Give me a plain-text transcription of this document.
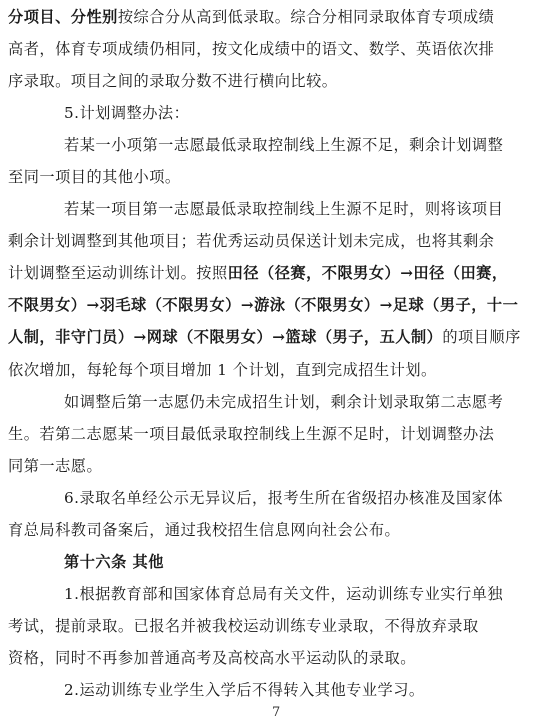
分项目、分性别按综合分从高到低录取。综合分相同录取体育专项成绩
高者，体育专项成绩仍相同，按文化成绩中的语文、数学、英语依次排
序录取。项目之间的录取分数不进行横向比较。
5.计划调整办法：
若某一小项第一志愿最低录取控制线上生源不足，剩余计划调整
至同一项目的其他小项。
若某一项目第一志愿最低录取控制线上生源不足时，则将该项目
剩余计划调整到其他项目；若优秀运动员保送计划未完成，也将其剩余
计划调整至运动训练计划。按照田径（径赛，不限男女）→田径（田赛，
不限男女）→羽毛球（不限男女）→游泳（不限男女）→足球（男子，十一
人制，非守门员）→网球（不限男女）→篮球（男子，五人制）的项目顺序
依次增加，每轮每个项目增加 1 个计划，直到完成招生计划。
如调整后第一志愿仍未完成招生计划，剩余计划录取第二志愿考
生。若第二志愿某一项目最低录取控制线上生源不足时，计划调整办法
同第一志愿。
6.录取名单经公示无异议后，报考生所在省级招办核准及国家体
育总局科教司备案后，通过我校招生信息网向社会公布。
第十六条 其他
1.根据教育部和国家体育总局有关文件，运动训练专业实行单独
考试，提前录取。已报名并被我校运动训练专业录取，不得放弃录取
资格，同时不再参加普通高考及高校高水平运动队的录取。
2.运动训练专业学生入学后不得转入其他专业学习。
7
